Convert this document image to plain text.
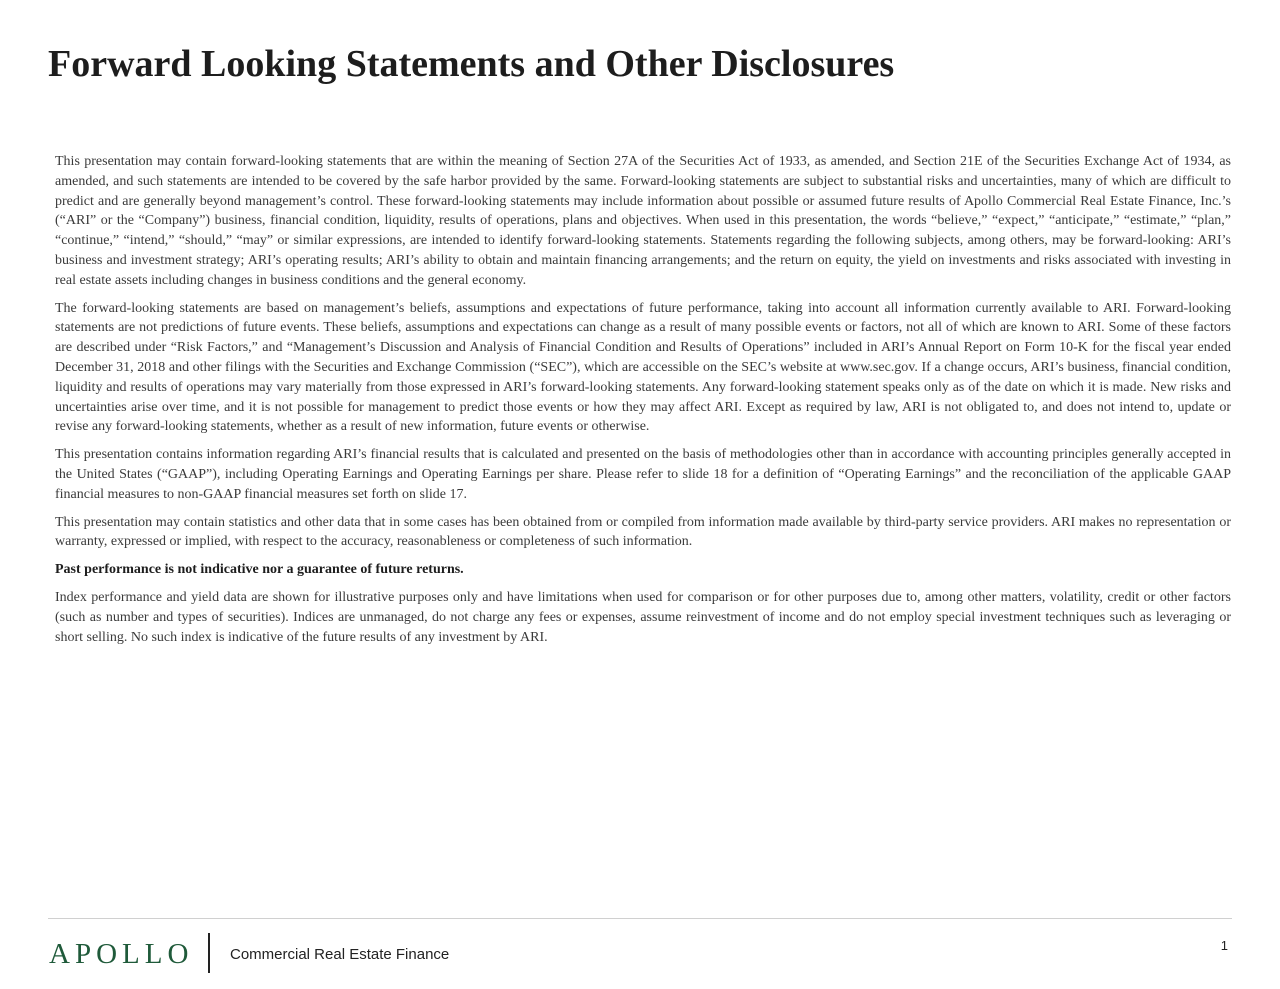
Forward Looking Statements and Other Disclosures

This presentation may contain forward-looking statements that are within the meaning of Section 27A of the Securities Act of 1933, as amended, and Section 21E of the Securities Exchange Act of 1934, as amended, and such statements are intended to be covered by the safe harbor provided by the same. Forward-looking statements are subject to substantial risks and uncertainties, many of which are difficult to predict and are generally beyond management’s control. These forward-looking statements may include information about possible or assumed future results of Apollo Commercial Real Estate Finance, Inc.’s (“ARI” or the “Company”) business, financial condition, liquidity, results of operations, plans and objectives. When used in this presentation, the words “believe,” “expect,” “anticipate,” “estimate,” “plan,” “continue,” “intend,” “should,” “may” or similar expressions, are intended to identify forward-looking statements. Statements regarding the following subjects, among others, may be forward-looking: ARI’s business and investment strategy; ARI’s operating results; ARI’s ability to obtain and maintain financing arrangements; and the return on equity, the yield on investments and risks associated with investing in real estate assets including changes in business conditions and the general economy.

The forward-looking statements are based on management’s beliefs, assumptions and expectations of future performance, taking into account all information currently available to ARI. Forward-looking statements are not predictions of future events. These beliefs, assumptions and expectations can change as a result of many possible events or factors, not all of which are known to ARI. Some of these factors are described under “Risk Factors,” and “Management’s Discussion and Analysis of Financial Condition and Results of Operations” included in ARI’s Annual Report on Form 10-K for the fiscal year ended December 31, 2018 and other filings with the Securities and Exchange Commission (“SEC”), which are accessible on the SEC’s website at www.sec.gov. If a change occurs, ARI’s business, financial condition, liquidity and results of operations may vary materially from those expressed in ARI’s forward-looking statements. Any forward-looking statement speaks only as of the date on which it is made. New risks and uncertainties arise over time, and it is not possible for management to predict those events or how they may affect ARI. Except as required by law, ARI is not obligated to, and does not intend to, update or revise any forward-looking statements, whether as a result of new information, future events or otherwise.

This presentation contains information regarding ARI’s financial results that is calculated and presented on the basis of methodologies other than in accordance with accounting principles generally accepted in the United States (“GAAP”), including Operating Earnings and Operating Earnings per share. Please refer to slide 18 for a definition of “Operating Earnings” and the reconciliation of the applicable GAAP financial measures to non-GAAP financial measures set forth on slide 17.

This presentation may contain statistics and other data that in some cases has been obtained from or compiled from information made available by third-party service providers. ARI makes no representation or warranty, expressed or implied, with respect to the accuracy, reasonableness or completeness of such information.

Past performance is not indicative nor a guarantee of future returns.

Index performance and yield data are shown for illustrative purposes only and have limitations when used for comparison or for other purposes due to, among other matters, volatility, credit or other factors (such as number and types of securities). Indices are unmanaged, do not charge any fees or expenses, assume reinvestment of income and do not employ special investment techniques such as leveraging or short selling. No such index is indicative of the future results of any investment by ARI.

APOLLO Commercial Real Estate Finance
1
